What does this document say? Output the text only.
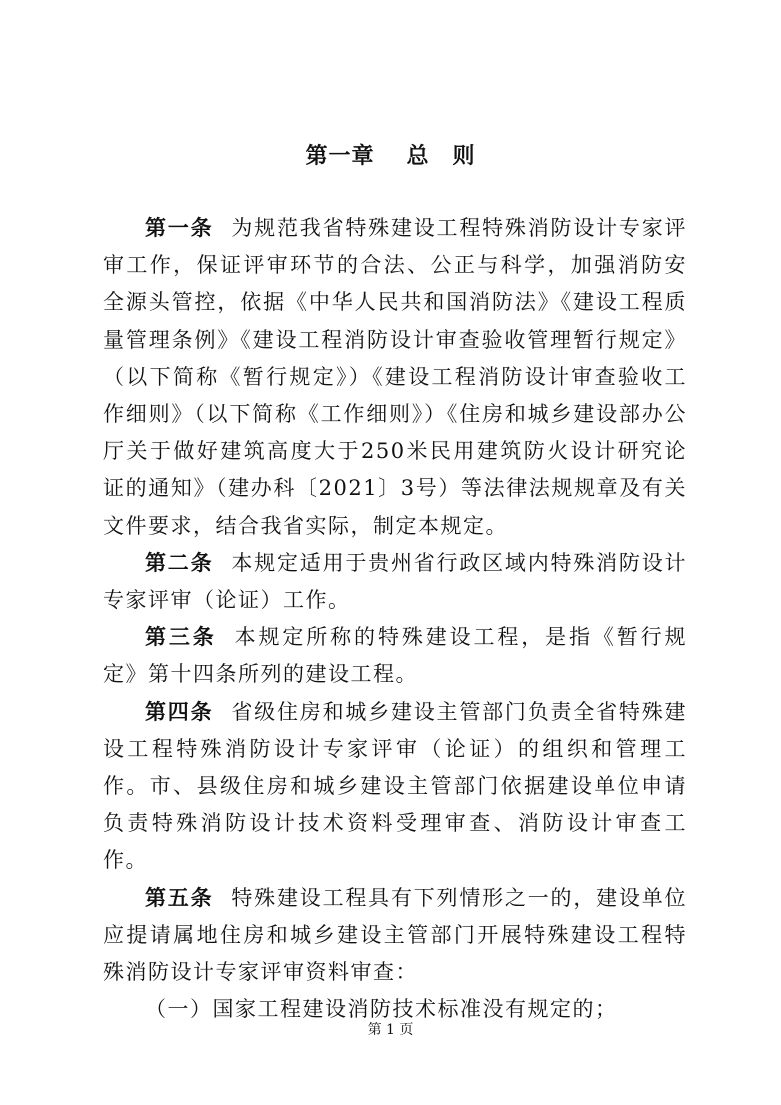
第一章 总　则

第一条 为规范我省特殊建设工程特殊消防设计专家评审工作，保证评审环节的合法、公正与科学，加强消防安全源头管控，依据《中华人民共和国消防法》《建设工程质量管理条例》《建设工程消防设计审查验收管理暂行规定》（以下简称《暂行规定》）《建设工程消防设计审查验收工作细则》（以下简称《工作细则》）《住房和城乡建设部办公厅关于做好建筑高度大于250米民用建筑防火设计研究论证的通知》（建办科〔2021〕3号）等法律法规规章及有关文件要求，结合我省实际，制定本规定。

第二条 本规定适用于贵州省行政区域内特殊消防设计专家评审（论证）工作。

第三条 本规定所称的特殊建设工程，是指《暂行规定》第十四条所列的建设工程。

第四条 省级住房和城乡建设主管部门负责全省特殊建设工程特殊消防设计专家评审（论证）的组织和管理工作。市、县级住房和城乡建设主管部门依据建设单位申请负责特殊消防设计技术资料受理审查、消防设计审查工作。

第五条 特殊建设工程具有下列情形之一的，建设单位应提请属地住房和城乡建设主管部门开展特殊建设工程特殊消防设计专家评审资料审查：

（一）国家工程建设消防技术标准没有规定的；

第 1 页
